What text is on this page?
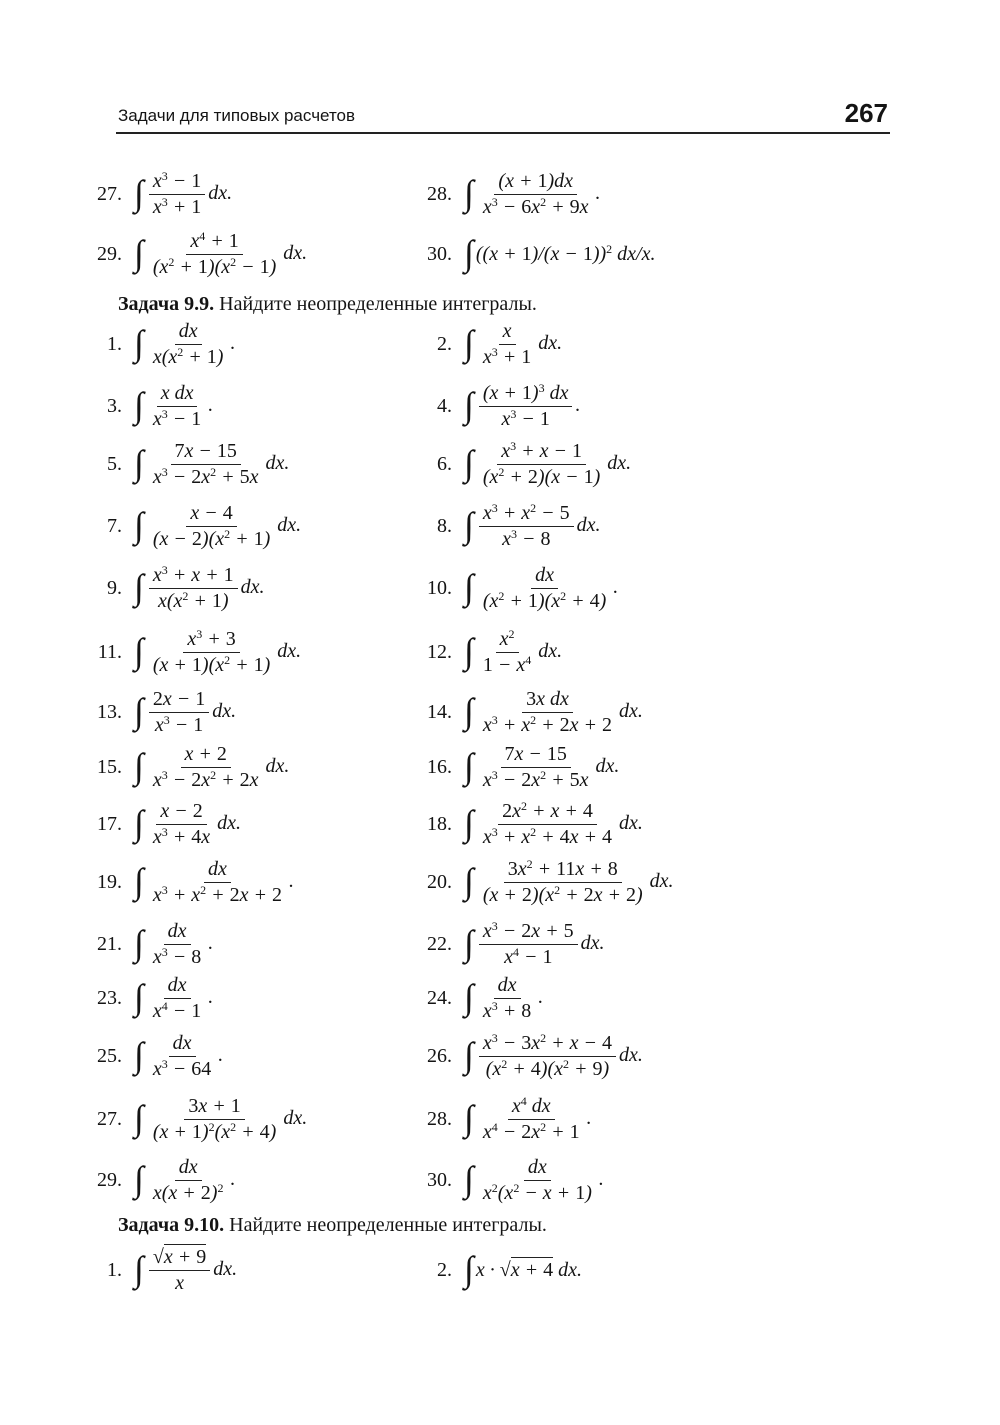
Задачи для типовых расчетов	267
Задача 9.9. Найдите неопределенные интегралы.
Задача 9.10. Найдите неопределенные интегралы.
27. ∫ $\frac{x^3 - 1}{x^3 + 1}$ dx.	28. ∫ $\frac{(x + 1)dx}{x^3 - 6x^2 + 9x}$ .
29. ∫ $\frac{x^4 + 1}{(x^2 + 1)(x^2 - 1)}$ dx.	30. ∫ $((x + 1)/(x - 1))^2$ dx/x.
1. ∫ $\frac{dx}{x(x^2 + 1)}$ .	2. ∫ $\frac{x}{x^3 + 1}$ dx.
3. ∫ $\frac{\text{x dx}}{x^3 - 1}$ .	4. ∫ $\frac{(x + 1)^3 dx}{x^3 - 1}$ .
5. ∫ $\frac{7x - 15}{x^3 - 2x^2 + 5x}$ dx.	6. ∫ $\frac{x^3 + x - 1}{(x^2 + 2)(x - 1)}$ dx.
7. ∫ $\frac{x - 4}{(x - 2)(x^2 + 1)}$ dx.	8. ∫ $\frac{x^3 + x^2 - 5}{x^3 - 8}$ dx.
9. ∫ $\frac{x^3 + x + 1}{x(x^2 + 1)}$ dx.	10. ∫ $\frac{dx}{(x^2 + 1)(x^2 + 4)}$ .
11. ∫ $\frac{x^3 + 3}{(x + 1)(x^2 + 1)}$ dx.	12. ∫ $\frac{x^2}{1 - x^4}$ dx.
13. ∫ $\frac{2x - 1}{x^3 - 1}$ dx.	14. ∫ $\frac{\text{3x dx}}{x^3 + x^2 + 2x + 2}$ dx.
15. ∫ $\frac{x + 2}{x^3 - 2x^2 + 2x}$ dx.	16. ∫ $\frac{7x - 15}{x^3 - 2x^2 + 5x}$ dx.
17. ∫ $\frac{x - 2}{x^3 + 4x}$ dx.	18. ∫ $\frac{2x^2 + x + 4}{x^3 + x^2 + 4x + 4}$ dx.
19. ∫ $\frac{dx}{x^3 + x^2 + 2x + 2}$ .	20. ∫ $\frac{3x^2 + 11x + 8}{(x + 2)(x^2 + 2x + 2)}$ dx.
21. ∫ $\frac{dx}{x^3 - 8}$ .	22. ∫ $\frac{x^3 - 2x + 5}{x^4 - 1}$ dx.
23. ∫ $\frac{dx}{x^4 - 1}$ .	24. ∫ $\frac{dx}{x^3 + 8}$ .
25. ∫ $\frac{dx}{x^3 - 64}$ .	26. ∫ $\frac{x^3 - 3x^2 + x - 4}{(x^2 + 4)(x^2 + 9)}$ dx.
27. ∫ $\frac{3x + 1}{(x + 1)^2(x^2 + 4)}$ dx.	28. ∫ $\frac{x^4 dx}{x^4 - 2x^2 + 1}$ .
29. ∫ $\frac{dx}{x(x + 2)^2}$ .	30. ∫ $\frac{dx}{x^2(x^2 - x + 1)}$ .
1. ∫ $\frac{√x + 9}{x}$ dx.	2. ∫ x · √x + 4 dx.
